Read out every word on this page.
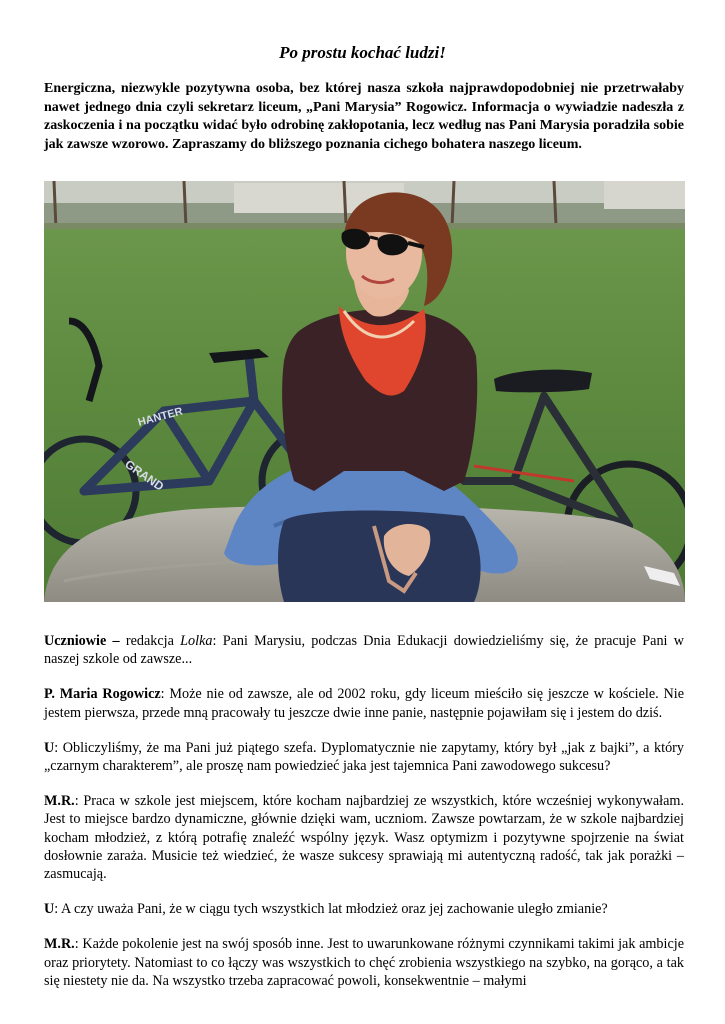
Po prostu kochać ludzi!

Energiczna, niezwykle pozytywna osoba, bez której nasza szkoła najprawdopodobniej nie przetrwałaby nawet jednego dnia czyli sekretarz liceum, „Pani Marysia” Rogowicz. Informacja o wywiadzie nadeszła z zaskoczenia i na początku widać było odrobinę zakłopotania, lecz według nas Pani Marysia poradziła sobie jak zawsze wzorowo. Zapraszamy do bliższego poznania cichego bohatera naszego liceum.

HANTER
GRAND

Uczniowie – redakcja Lolka: Pani Marysiu, podczas Dnia Edukacji dowiedzieliśmy się, że pracuje Pani w naszej szkole od zawsze...

P. Maria Rogowicz: Może nie od zawsze, ale od 2002 roku, gdy liceum mieściło się jeszcze w kościele. Nie jestem pierwsza, przede mną pracowały tu jeszcze dwie inne panie, następnie pojawiłam się i jestem do dziś.

U: Obliczyliśmy, że ma Pani już piątego szefa. Dyplomatycznie nie zapytamy, który był „jak z bajki”, a który „czarnym charakterem”, ale proszę nam powiedzieć jaka jest tajemnica Pani zawodowego sukcesu?

M.R.: Praca w szkole jest miejscem, które kocham najbardziej ze wszystkich, które wcześniej wykonywałam. Jest to miejsce bardzo dynamiczne, głównie dzięki wam, uczniom. Zawsze powtarzam, że w szkole najbardziej kocham młodzież, z którą potrafię znaleźć wspólny język. Wasz optymizm i pozytywne spojrzenie na świat dosłownie zaraża. Musicie też wiedzieć, że wasze sukcesy sprawiają mi autentyczną radość, tak jak porażki – zasmucają.

U: A czy uważa Pani, że w ciągu tych wszystkich lat młodzież oraz jej zachowanie uległo zmianie?

M.R.: Każde pokolenie jest na swój sposób inne. Jest to uwarunkowane różnymi czynnikami takimi jak ambicje oraz priorytety. Natomiast to co łączy was wszystkich to chęć zrobienia wszystkiego na szybko, na gorąco, a tak się niestety nie da. Na wszystko trzeba zapracować powoli, konsekwentnie – małymi
